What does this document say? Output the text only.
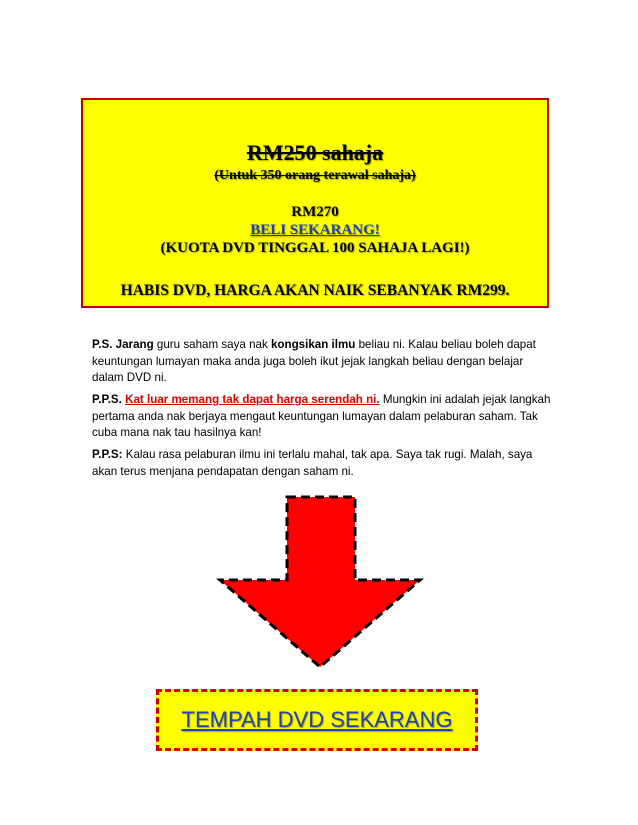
RM250 sahaja
(Untuk 350 orang terawal sahaja)
RM270
BELI SEKARANG!
(KUOTA DVD TINGGAL 100 SAHAJA LAGI!)
HABIS DVD, HARGA AKAN NAIK SEBANYAK RM299.
P.S. Jarang guru saham saya nak kongsikan ilmu beliau ni. Kalau beliau boleh dapat keuntungan lumayan maka anda juga boleh ikut jejak langkah beliau dengan belajar dalam DVD ni.
P.P.S. Kat luar memang tak dapat harga serendah ni. Mungkin ini adalah jejak langkah pertama anda nak berjaya mengaut keuntungan lumayan dalam pelaburan saham. Tak cuba mana nak tau hasilnya kan!
P.P.S: Kalau rasa pelaburan ilmu ini terlalu mahal, tak apa. Saya tak rugi. Malah, saya akan terus menjana pendapatan dengan saham ni.
TEMPAH DVD SEKARANG
